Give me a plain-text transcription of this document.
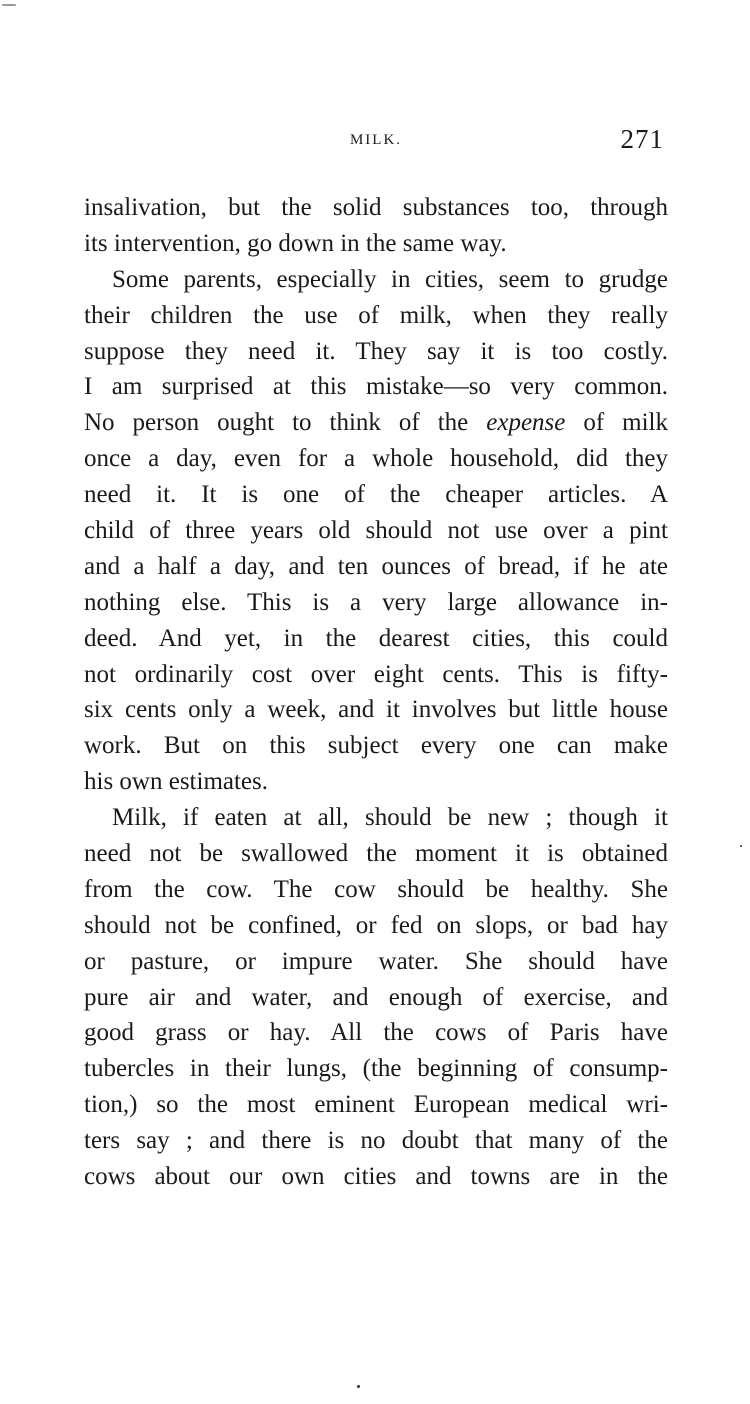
MILK.	271
insalivation, but the solid substances too, through
its intervention, go down in the same way.
Some parents, especially in cities, seem to grudge
their children the use of milk, when they really
suppose they need it. They say it is too costly.
I am surprised at this mistake—so very common.
No person ought to think of the expense of milk
once a day, even for a whole household, did they
need it. It is one of the cheaper articles. A
child of three years old should not use over a pint
and a half a day, and ten ounces of bread, if he ate
nothing else. This is a very large allowance in-
deed. And yet, in the dearest cities, this could
not ordinarily cost over eight cents. This is fifty-
six cents only a week, and it involves but little house
work. But on this subject every one can make
his own estimates.
Milk, if eaten at all, should be new ; though it
need not be swallowed the moment it is obtained
from the cow. The cow should be healthy. She
should not be confined, or fed on slops, or bad hay
or pasture, or impure water. She should have
pure air and water, and enough of exercise, and
good grass or hay. All the cows of Paris have
tubercles in their lungs, (the beginning of consump-
tion,) so the most eminent European medical wri-
ters say ; and there is no doubt that many of the
cows about our own cities and towns are in the
